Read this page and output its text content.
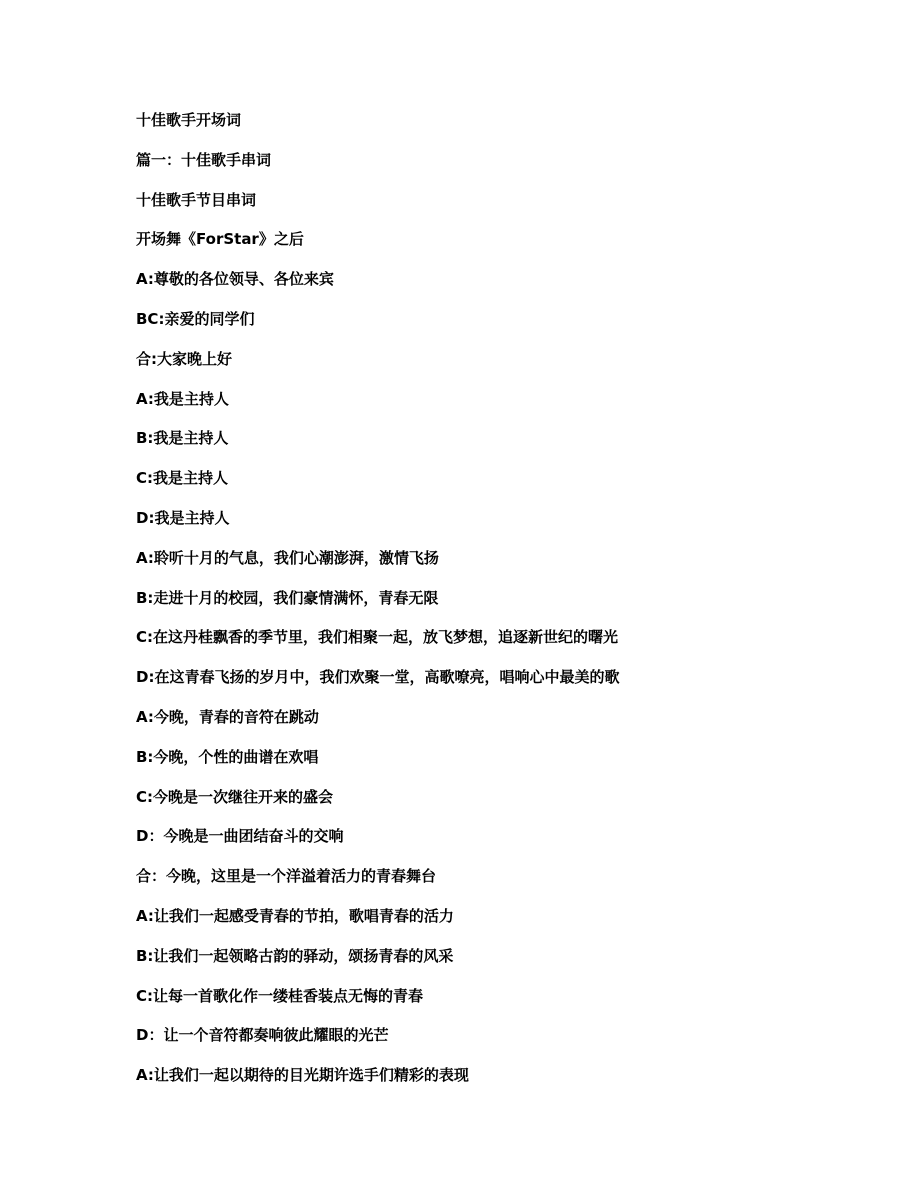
十佳歌手开场词
篇一：十佳歌手串词
十佳歌手节目串词
开场舞《ForStar》之后
A:尊敬的各位领导、各位来宾
BC:亲爱的同学们
合:大家晚上好
A:我是主持人
B:我是主持人
C:我是主持人
D:我是主持人
A:聆听十月的气息，我们心潮澎湃，激情飞扬
B:走进十月的校园，我们豪情满怀，青春无限
C:在这丹桂飘香的季节里，我们相聚一起，放飞梦想，追逐新世纪的曙光
D:在这青春飞扬的岁月中，我们欢聚一堂，高歌嘹亮，唱响心中最美的歌
A:今晚，青春的音符在跳动
B:今晚，个性的曲谱在欢唱
C:今晚是一次继往开来的盛会
D：今晚是一曲团结奋斗的交响
合：今晚，这里是一个洋溢着活力的青春舞台
A:让我们一起感受青春的节拍，歌唱青春的活力
B:让我们一起领略古韵的驿动，颂扬青春的风采
C:让每一首歌化作一缕桂香装点无悔的青春
D：让一个音符都奏响彼此耀眼的光芒
A:让我们一起以期待的目光期许选手们精彩的表现
